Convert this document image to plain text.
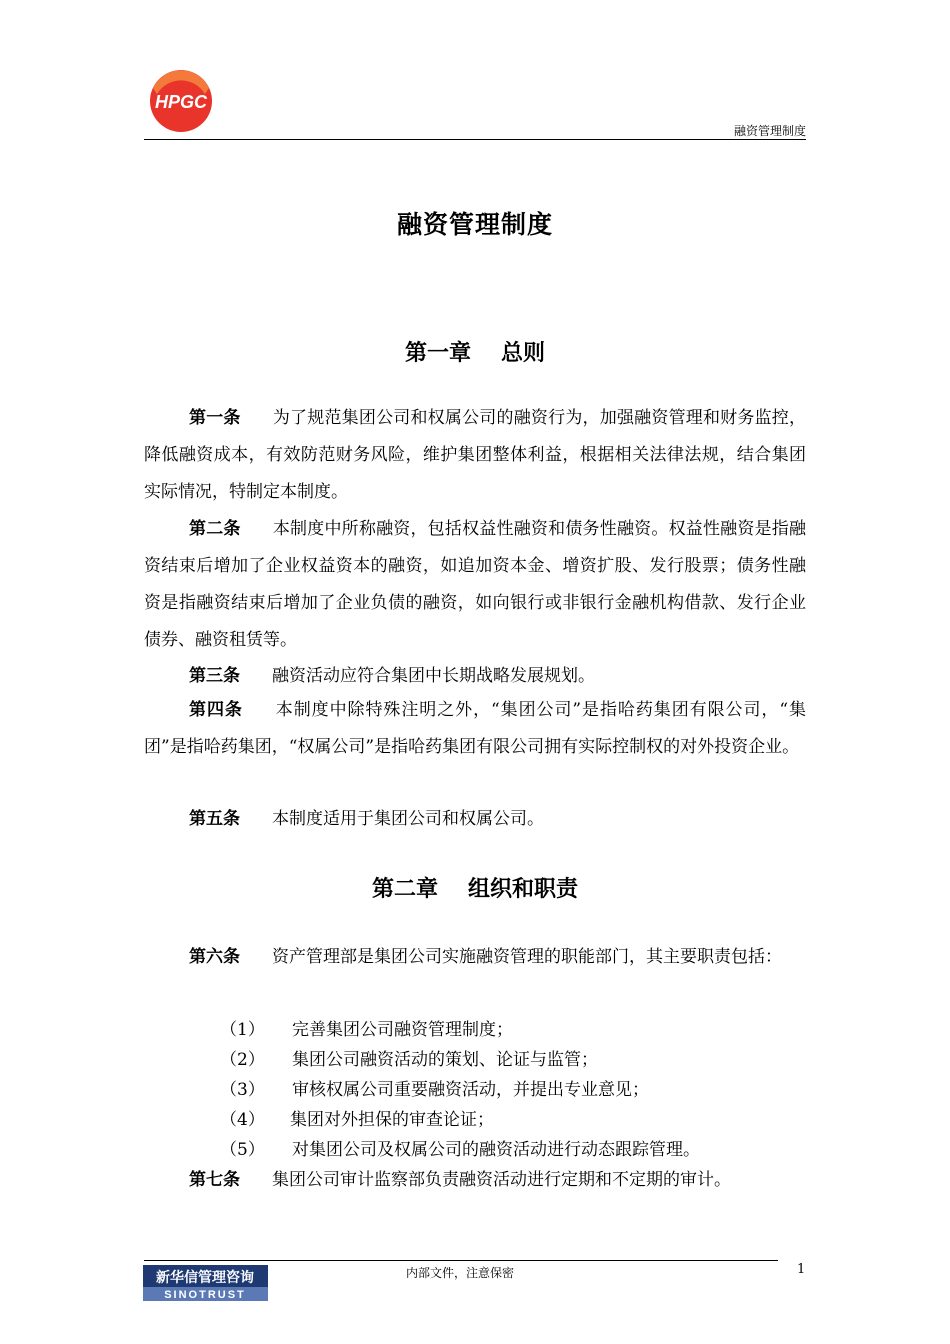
HPGC
融资管理制度
融资管理制度
第一章 总则

第一条 为了规范集团公司和权属公司的融资行为，加强融资管理和财务监控，降低融资成本，有效防范财务风险，维护集团整体利益，根据相关法律法规，结合集团实际情况，特制定本制度。

第二条 本制度中所称融资，包括权益性融资和债务性融资。权益性融资是指融资结束后增加了企业权益资本的融资，如追加资本金、增资扩股、发行股票；债务性融资是指融资结束后增加了企业负债的融资，如向银行或非银行金融机构借款、发行企业债券、融资租赁等。

第三条 融资活动应符合集团中长期战略发展规划。

第四条 本制度中除特殊注明之外，“集团公司”是指哈药集团有限公司，“集团”是指哈药集团，“权属公司”是指哈药集团有限公司拥有实际控制权的对外投资企业。

第五条 本制度适用于集团公司和权属公司。

第二章 组织和职责

第六条 资产管理部是集团公司实施融资管理的职能部门，其主要职责包括：

（1） 完善集团公司融资管理制度；
（2） 集团公司融资活动的策划、论证与监管；
（3） 审核权属公司重要融资活动，并提出专业意见；
（4） 集团对外担保的审查论证；
（5） 对集团公司及权属公司的融资活动进行动态跟踪管理。

第七条 集团公司审计监察部负责融资活动进行定期和不定期的审计。

内部文件，注意保密	1
新华信管理咨询
SINOTRUST
